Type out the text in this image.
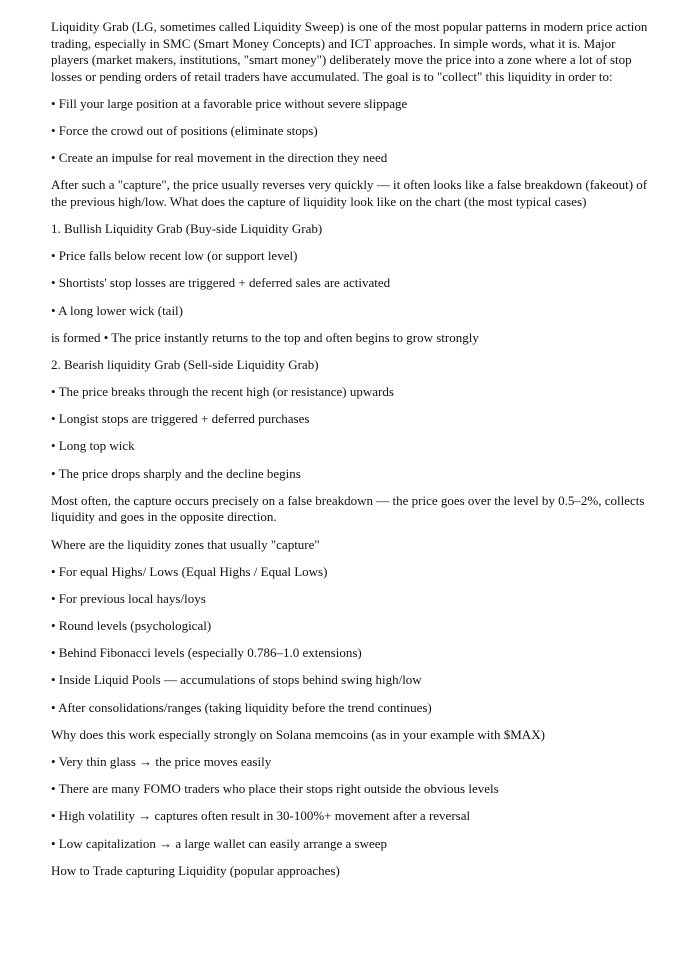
Liquidity Grab (LG, sometimes called Liquidity Sweep) is one of the most popular patterns in modern price action trading, especially in SMC (Smart Money Concepts) and ICT approaches. In simple words, what it is. Major players (market makers, institutions, "smart money") deliberately move the price into a zone where a lot of stop losses or pending orders of retail traders have accumulated. The goal is to "collect" this liquidity in order to:

• Fill your large position at a favorable price without severe slippage

• Force the crowd out of positions (eliminate stops)

• Create an impulse for real movement in the direction they need

After such a "capture", the price usually reverses very quickly — it often looks like a false breakdown (fakeout) of the previous high/low. What does the capture of liquidity look like on the chart (the most typical cases)

1. Bullish Liquidity Grab (Buy-side Liquidity Grab)

• Price falls below recent low (or support level)

• Shortists' stop losses are triggered + deferred sales are activated

• A long lower wick (tail)

is formed • The price instantly returns to the top and often begins to grow strongly

2. Bearish liquidity Grab (Sell-side Liquidity Grab)

• The price breaks through the recent high (or resistance) upwards

• Longist stops are triggered + deferred purchases

• Long top wick

• The price drops sharply and the decline begins

Most often, the capture occurs precisely on a false breakdown — the price goes over the level by 0.5–2%, collects liquidity and goes in the opposite direction.

Where are the liquidity zones that usually "capture"

• For equal Highs/ Lows (Equal Highs / Equal Lows)

• For previous local hays/loys

• Round levels (psychological)

• Behind Fibonacci levels (especially 0.786–1.0 extensions)

• Inside Liquid Pools — accumulations of stops behind swing high/low

• After consolidations/ranges (taking liquidity before the trend continues)

Why does this work especially strongly on Solana memcoins (as in your example with $MAX)

• Very thin glass → the price moves easily

• There are many FOMO traders who place their stops right outside the obvious levels

• High volatility → captures often result in 30-100%+ movement after a reversal

• Low capitalization → a large wallet can easily arrange a sweep

How to Trade capturing Liquidity (popular approaches)
